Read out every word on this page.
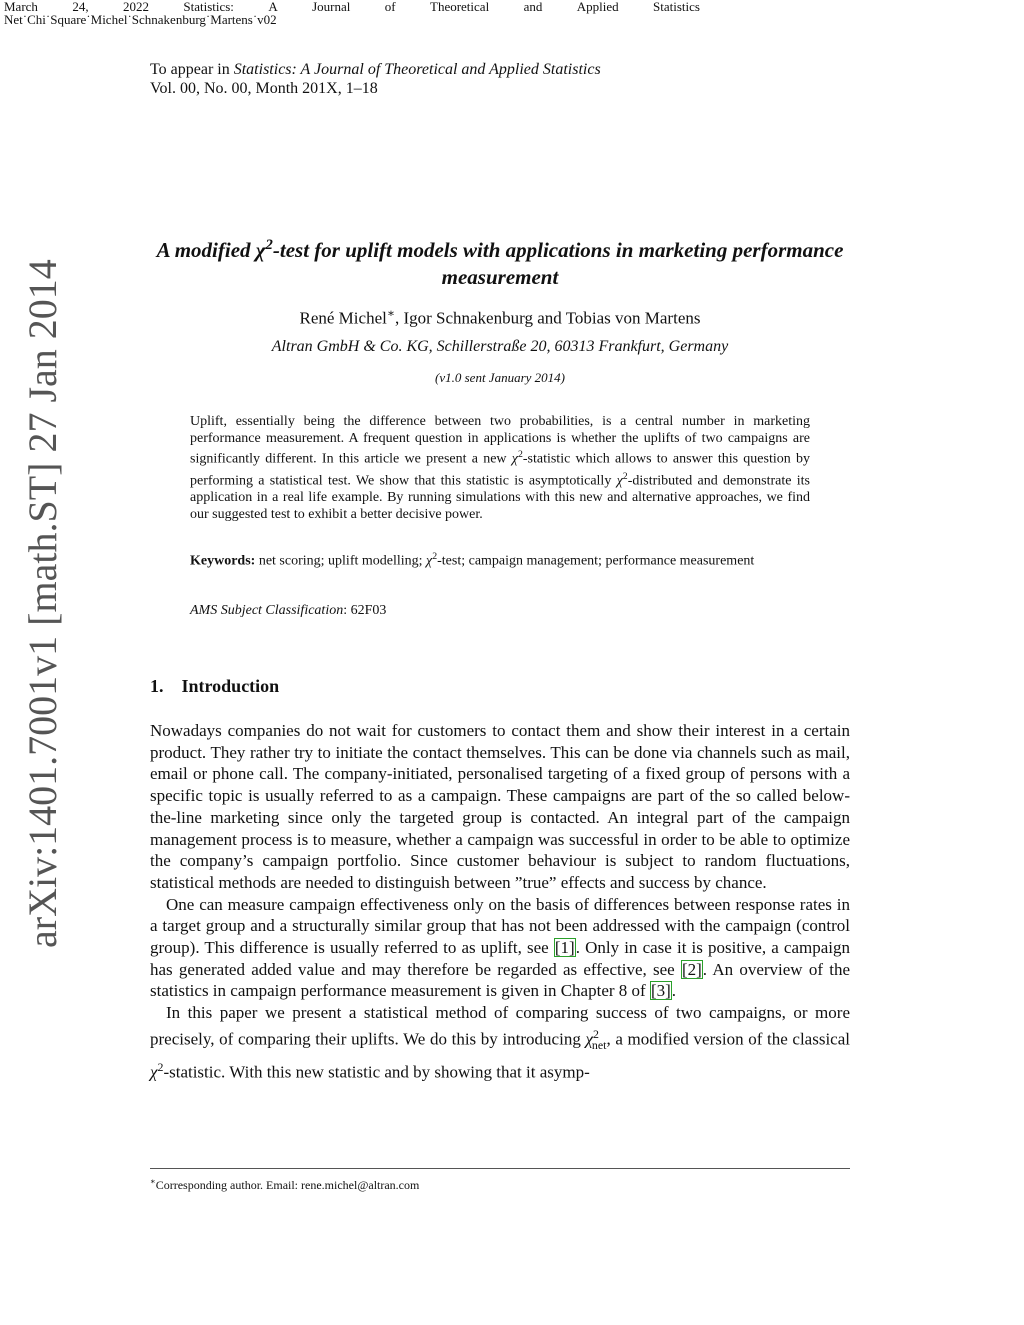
March	24,	2022	Statistics:	A	Journal	of	Theoretical	and	Applied	Statistics
Net˙Chi˙Square˙Michel˙Schnakenburg˙Martens˙v02
To appear in Statistics: A Journal of Theoretical and Applied Statistics
Vol. 00, No. 00, Month 201X, 1–18
A modified $\chi^2$-test for uplift models with applications in marketing performance measurement
René Michel∗, Igor Schnakenburg and Tobias von Martens
Altran GmbH & Co. KG, Schillerstraße 20, 60313 Frankfurt, Germany
(v1.0 sent January 2014)
Uplift, essentially being the difference between two probabilities, is a central number in marketing performance measurement. A frequent question in applications is whether the uplifts of two campaigns are significantly different. In this article we present a new $\chi^2$-statistic which allows to answer this question by performing a statistical test. We show that this statistic is asymptotically $\chi^2$-distributed and demonstrate its application in a real life example. By running simulations with this new and alternative approaches, we find our suggested test to exhibit a better decisive power.
Keywords: net scoring; uplift modelling; $\chi^2$-test; campaign management; performance measurement
AMS Subject Classification: 62F03
1. Introduction

Nowadays companies do not wait for customers to contact them and show their interest in a certain product. They rather try to initiate the contact themselves. This can be done via channels such as mail, email or phone call. The company-initiated, personalised targeting of a fixed group of persons with a specific topic is usually referred to as a campaign. These campaigns are part of the so called below-the-line marketing since only the targeted group is contacted. An integral part of the campaign management process is to measure, whether a campaign was successful in order to be able to optimize the company’s campaign portfolio. Since customer behaviour is subject to random fluctuations, statistical methods are needed to distinguish between ”true” effects and success by chance.

One can measure campaign effectiveness only on the basis of differences between response rates in a target group and a structurally similar group that has not been addressed with the campaign (control group). This difference is usually referred to as uplift, see [1]. Only in case it is positive, a campaign has generated added value and may therefore be regarded as effective, see [2]. An overview of the statistics in campaign performance measurement is given in Chapter 8 of [3].

In this paper we present a statistical method of comparing success of two campaigns, or more precisely, of comparing their uplifts. We do this by introducing $\chi^2_{net}$, a modified version of the classical $\chi^2$-statistic. With this new statistic and by showing that it asymp-

∗Corresponding author. Email: rene.michel@altran.com
arXiv:1401.7001v1 [math.ST] 27 Jan 2014
